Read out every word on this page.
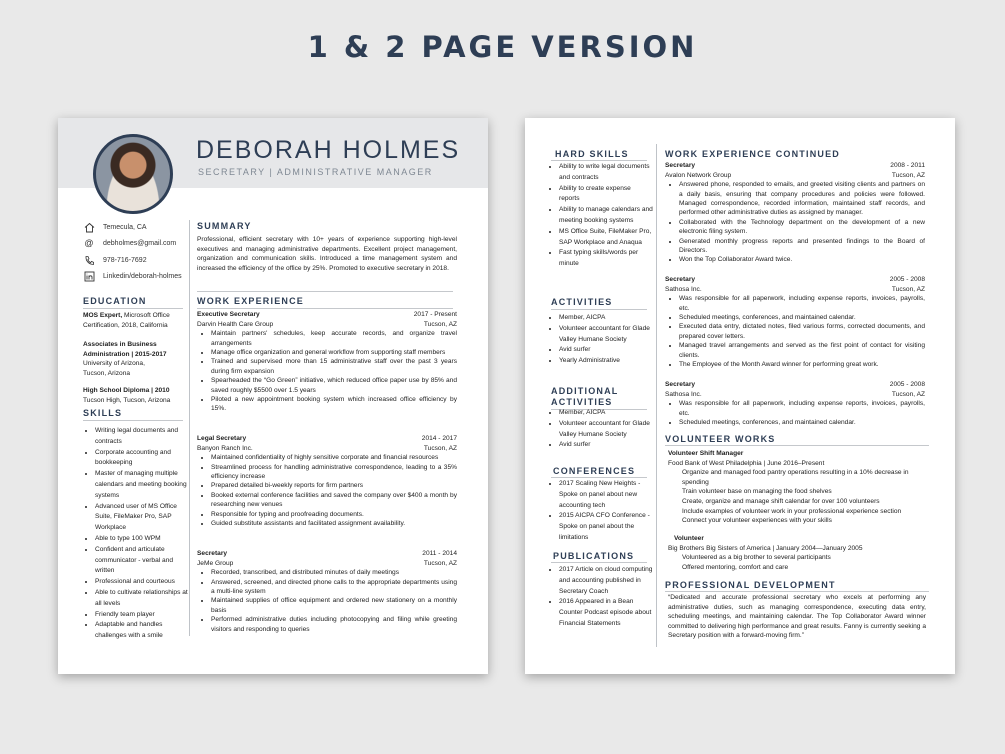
1 & 2 PAGE VERSION
DEBORAH HOLMES
SECRETARY | ADMINISTRATIVE MANAGER
Temecula, CA
@ debholmes@gmail.com
978-716-7692
Linkedin/deborah-holmes
SUMMARY
Professional, efficient secretary with 10+ years of experience supporting high-level executives and managing administrative departments. Excellent project management, organization and communication skills. Introduced a time management system and increased the efficiency of the office by 25%. Promoted to executive secretary in 2018.
EDUCATION
MOS Expert, Microsoft Office
Certification, 2018, California
Associates in Business
Administration | 2015-2017
University of Arizona,
Tucson, Arizona
High School Diploma | 2010
Tucson High, Tucson, Arizona
SKILLS
• Writing legal documents and contracts
• Corporate accounting and bookkeeping
• Master of managing multiple calendars and meeting booking systems
• Advanced user of MS Office Suite, FileMaker Pro, SAP Workplace
• Able to type 100 WPM
• Confident and articulate communicator - verbal and written
• Professional and courteous
• Able to cultivate relationships at all levels
• Friendly team player
• Adaptable and handles challenges with a smile
WORK EXPERIENCE
Executive Secretary	2017 - Present
Darvin Health Care Group	Tucson, AZ
• Maintain partners' schedules, keep accurate records, and organize travel arrangements
• Manage office organization and general workflow from supporting staff members
• Trained and supervised more than 15 administrative staff over the past 3 years during firm expansion
• Spearheaded the “Go Green” initiative, which reduced office paper use by 85% and saved roughly $5500 over 1.5 years
• Piloted a new appointment booking system which increased office efficiency by 15%.
Legal Secretary	2014 - 2017
Banyon Ranch Inc.	Tucson, AZ
• Maintained confidentiality of highly sensitive corporate and financial resources
• Streamlined process for handling administrative correspondence, leading to a 35% efficiency increase
• Prepared detailed bi-weekly reports for firm partners
• Booked external conference facilities and saved the company over $400 a month by researching new venues
• Responsible for typing and proofreading documents.
• Guided substitute assistants and facilitated assignment availability.
Secretary	2011 - 2014
JeMe Group	Tucson, AZ
• Recorded, transcribed, and distributed minutes of daily meetings
• Answered, screened, and directed phone calls to the appropriate departments using a multi-line system
• Maintained supplies of office equipment and ordered new stationery on a monthly basis
• Performed administrative duties including photocopying and filing while greeting visitors and responding to queries
HARD SKILLS
• Ability to write legal documents and contracts
• Ability to create expense reports
• Ability to manage calendars and meeting booking systems
• MS Office Suite, FileMaker Pro, SAP Workplace and Anaqua
• Fast typing skills/words per minute
ACTIVITIES
• Member, AICPA
• Volunteer accountant for Glade Valley Humane Society
• Avid surfer
• Yearly Administrative
ADDITIONAL
ACTIVITIES
• Member, AICPA
• Volunteer accountant for Glade Valley Humane Society
• Avid surfer
CONFERENCES
• 2017 Scaling New Heights - Spoke on panel about new accounting tech
• 2015 AICPA CFO Conference - Spoke on panel about the limitations
PUBLICATIONS
• 2017 Article on cloud computing and accounting published in Secretary Coach
• 2016 Appeared in a Bean Counter Podcast episode about Financial Statements
WORK EXPERIENCE CONTINUED
Secretary	2008 - 2011
Avalon Network Group	Tucson, AZ
• Answered phone, responded to emails, and greeted visiting clients and partners on a daily basis, ensuring that company procedures and policies were followed. Managed correspondence, recorded information, maintained staff records, and performed other administrative duties as assigned by manager.
• Collaborated with the Technology department on the development of a new electronic filing system.
• Generated monthly progress reports and presented findings to the Board of Directors.
• Won the Top Collaborator Award twice.
Secretary	2005 - 2008
Sathosa Inc.	Tucson, AZ
• Was responsible for all paperwork, including expense reports, invoices, payrolls, etc.
• Scheduled meetings, conferences, and maintained calendar.
• Executed data entry, dictated notes, filed various forms, corrected documents, and prepared cover letters.
• Managed travel arrangements and served as the first point of contact for visiting clients.
• The Employee of the Month Award winner for performing great work.
Secretary	2005 - 2008
Sathosa Inc.	Tucson, AZ
• Was responsible for all paperwork, including expense reports, invoices, payrolls, etc.
• Scheduled meetings, conferences, and maintained calendar.
VOLUNTEER WORKS
Volunteer Shift Manager
Food Bank of West Philadelphia | June 2016–Present
Organize and managed food pantry operations resulting in a 10% decrease in spending
Train volunteer base on managing the food shelves
Create, organize and manage shift calendar for over 100 volunteers
Include examples of volunteer work in your professional experience section
Connect your volunteer experiences with your skills
Volunteer
Big Brothers Big Sisters of America | January 2004—January 2005
Volunteered as a big brother to several participants
Offered mentoring, comfort and care
PROFESSIONAL DEVELOPMENT
“Dedicated and accurate professional secretary who excels at performing any administrative duties, such as managing correspondence, executing data entry, scheduling meetings, and maintaining calendar. The Top Collaborator Award winner committed to delivering high performance and great results. Fanny is currently seeking a Secretary position with a forward-moving firm.”
